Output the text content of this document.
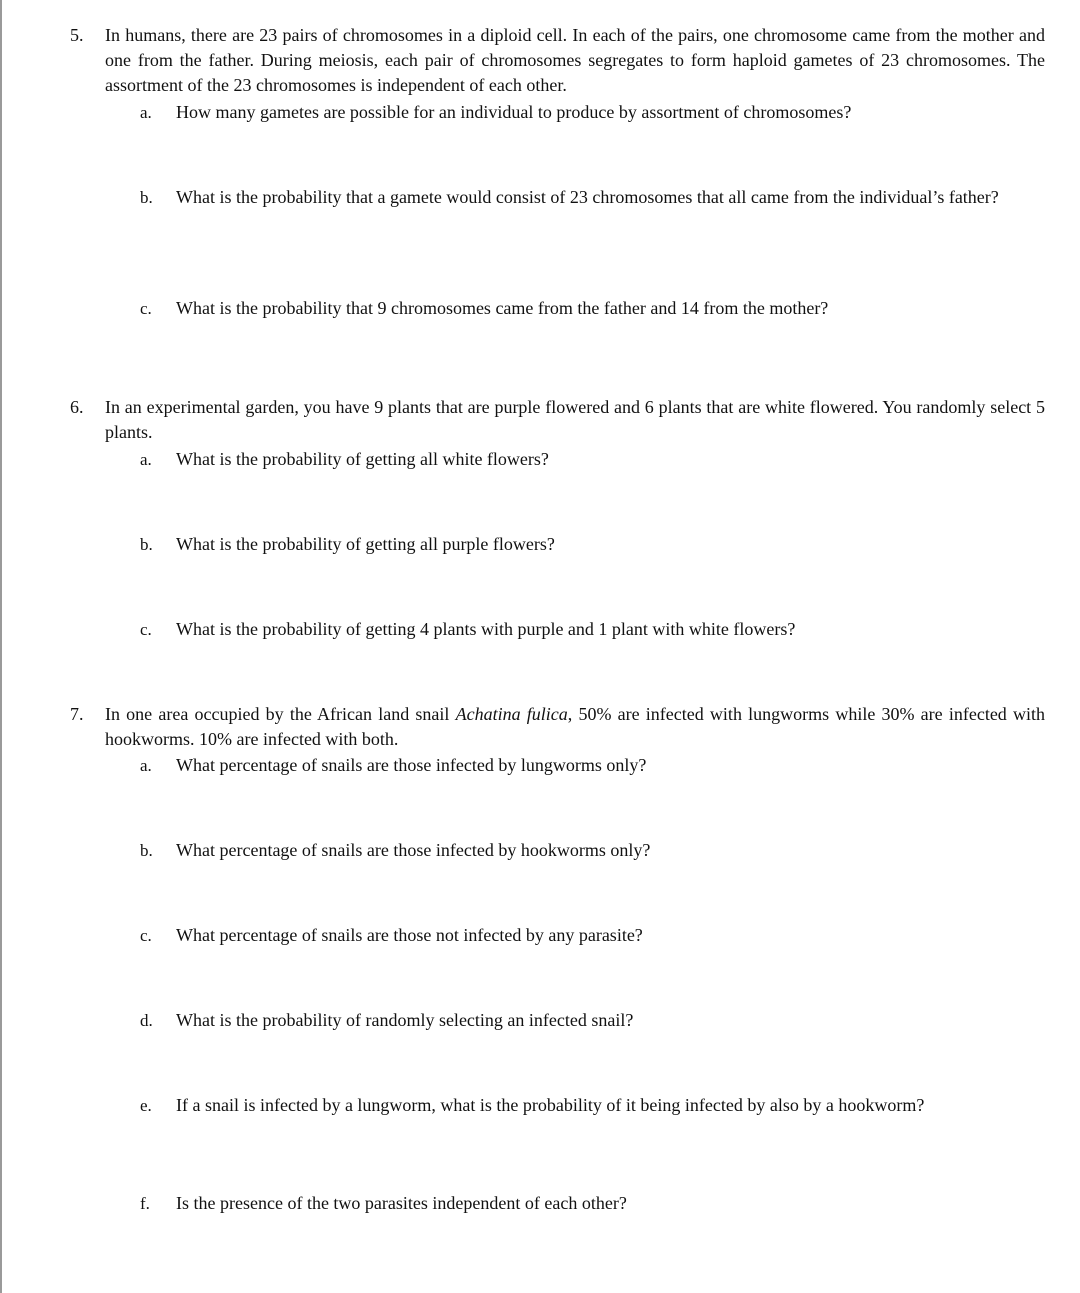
5. In humans, there are 23 pairs of chromosomes in a diploid cell. In each of the pairs, one chromosome came from the mother and one from the father. During meiosis, each pair of chromosomes segregates to form haploid gametes of 23 chromosomes. The assortment of the 23 chromosomes is independent of each other.
a. How many gametes are possible for an individual to produce by assortment of chromosomes?
b. What is the probability that a gamete would consist of 23 chromosomes that all came from the individual’s father?
c. What is the probability that 9 chromosomes came from the father and 14 from the mother?
6. In an experimental garden, you have 9 plants that are purple flowered and 6 plants that are white flowered. You randomly select 5 plants.
a. What is the probability of getting all white flowers?
b. What is the probability of getting all purple flowers?
c. What is the probability of getting 4 plants with purple and 1 plant with white flowers?
7. In one area occupied by the African land snail Achatina fulica, 50% are infected with lungworms while 30% are infected with hookworms. 10% are infected with both.
a. What percentage of snails are those infected by lungworms only?
b. What percentage of snails are those infected by hookworms only?
c. What percentage of snails are those not infected by any parasite?
d. What is the probability of randomly selecting an infected snail?
e. If a snail is infected by a lungworm, what is the probability of it being infected by also by a hookworm?
f. Is the presence of the two parasites independent of each other?
